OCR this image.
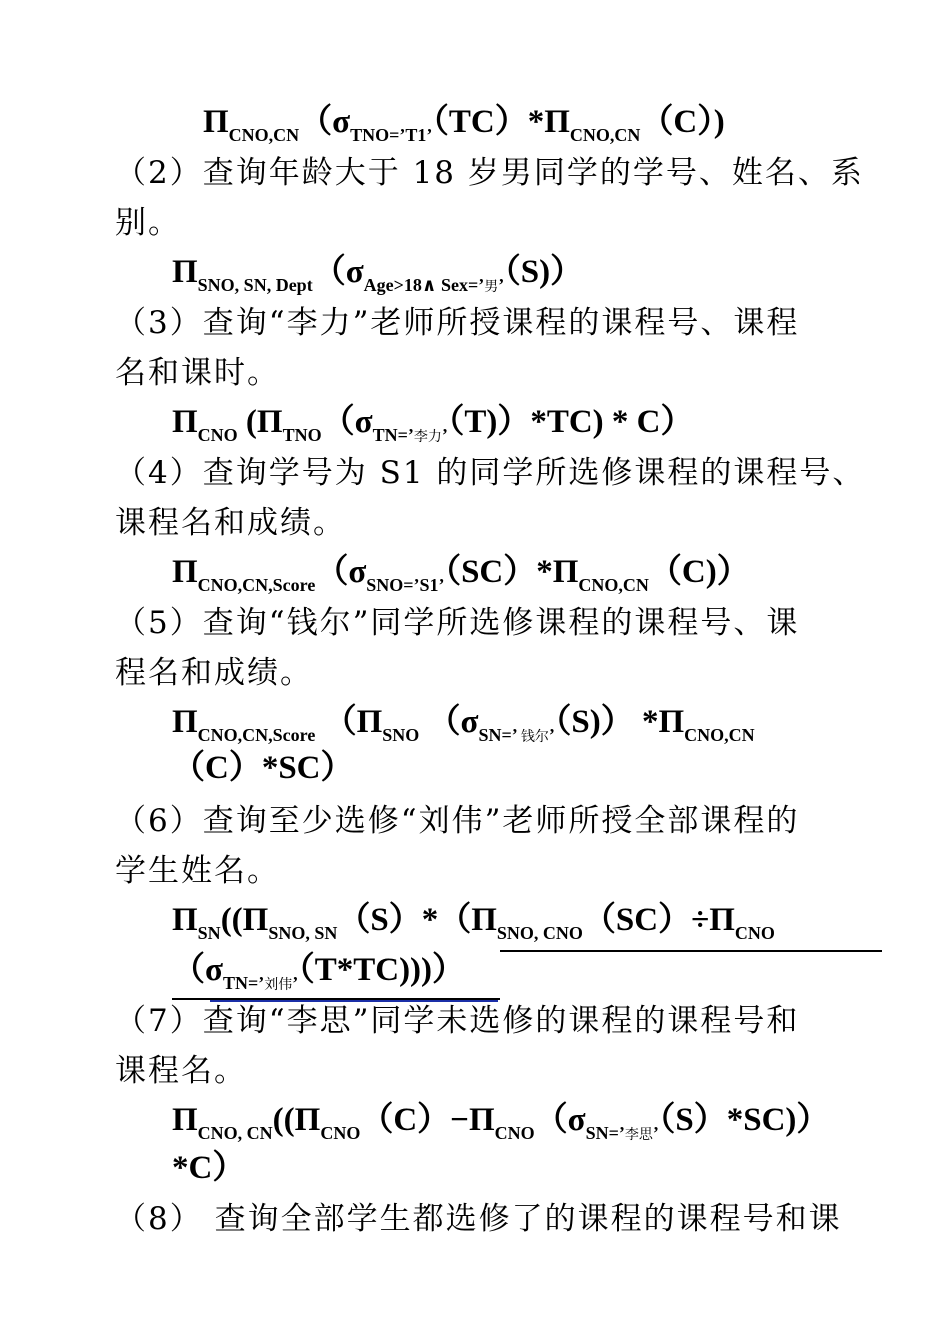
$\Pi_{CNO,CN}(\sigma_{TNO=’T1’}(TC)*\Pi_{CNO,CN}(C))$
（2）查询年龄大于 18 岁男同学的学号、姓名、系
别。
$\Pi_{SNO, SN, Dept}(\sigma_{Age>18\wedge Sex=’男’}(S))$
（3）查询“李力”老师所授课程的课程号、课程
名和课时。
$\Pi_{CNO}$ $(\Pi_{TNO}(\sigma_{TN=’李力’}(T))*TC) * C$）
（4）查询学号为 S1 的同学所选修课程的课程号、
课程名和成绩。
$\Pi_{CNO,CN,Score}(\sigma_{SNO=’S1’}(SC)*\Pi_{CNO,CN}(C))$
（5）查询“钱尔”同学所选修课程的课程号、课
程名和成绩。
$\Pi_{CNO,CN,Score}$ （$\Pi_{SNO}$ $(\sigma_{SN=’ 钱尔’}(S))$ $*\Pi_{CNO,CN}$
（C）*SC）
（6）查询至少选修“刘伟”老师所授全部课程的
学生姓名。
$\Pi_{SN}((\Pi_{SNO, SN}(S)*(\Pi_{SNO, CNO}(SC)\div\Pi_{CNO}$
$(\sigma_{TN=’刘伟’}(T*TC))$)）
（7）查询“李思”同学未选修的课程的课程号和
课程名。
$\Pi_{CNO, CN}((\Pi_{CNO}(C)-\Pi_{CNO}(\sigma_{SN=’李思’}(S)*SC))$
*C）
（8） 查询全部学生都选修了的课程的课程号和课
